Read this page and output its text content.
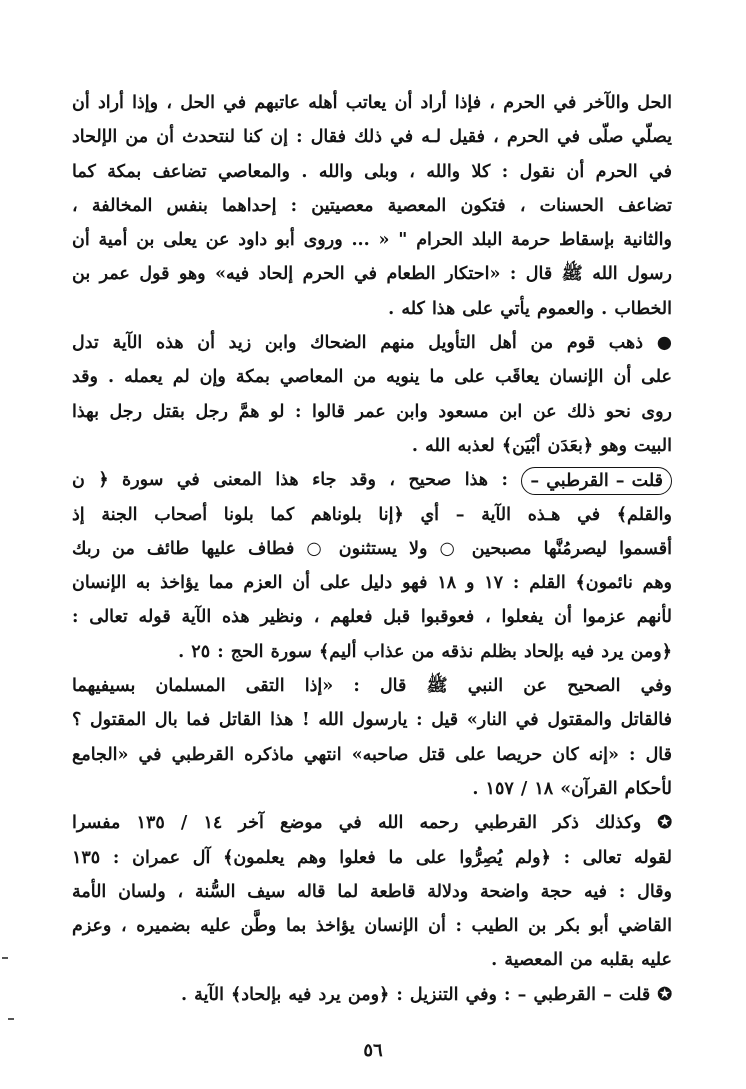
الحل والآخر في الحرم ، فإذا أراد أن يعاتب أهله عاتبهم في الحل ، وإذا أراد أن
يصلّي صلّى في الحرم ، فقيل لـه في ذلك فقال : إن كنا لنتحدث أن من الإلحاد
في الحرم أن نقول : كلا والله ، وبلى والله . والمعاصي تضاعف بمكة كما
تضاعف الحسنات ، فتكون المعصية معصيتين : إحداهما بنفس المخالفة ،
والثانية بإسقاط حرمة البلد الحرام " « ... وروى أبو داود عن يعلى بن أمية أن
رسول الله ﷺ قال : «احتكار الطعام في الحرم إلحاد فيه» وهو قول عمر بن
الخطاب . والعموم يأتي على هذا كله .
● ذهب قوم من أهل التأويل منهم الضحاك وابن زيد أن هذه الآية تدل
على أن الإنسان يعاقَب على ما ينويه من المعاصي بمكة وإن لم يعمله . وقد
روى نحو ذلك عن ابن مسعود وابن عمر قالوا : لو همَّ رجل بقتل رجل بهذا
البيت وهو ﴿بعَدَن أبْيَن﴾ لعذبه الله .
قلت – القرطبي – : هذا صحيح ، وقد جاء هذا المعنى في سورة ﴿ ن
والقلم﴾ في هـذه الآية – أي ﴿إنا بلوناهم كما بلونا أصحاب الجنة إذ
أقسموا ليصرمُنَّها مصبحين ○ ولا يستثنون ○ فطاف عليها طائف من ربك
وهم نائمون﴾ القلم : ١٧ و ١٨ فهو دليل على أن العزم مما يؤاخذ به الإنسان
لأنهم عزموا أن يفعلوا ، فعوقبوا قبل فعلهم ، ونظير هذه الآية قوله تعالى :
﴿ومن يرد فيه بإلحاد بظلم نذقه من عذاب أليم﴾ سورة الحج : ٢٥ .
وفي الصحيح عن النبي ﷺ قال : «إذا التقى المسلمان بسيفيهما
فالقاتل والمقتول في النار» قيل : يارسول الله ! هذا القاتل فما بال المقتول ؟
قال : «إنه كان حريصا على قتل صاحبه» انتهي ماذكره القرطبي في «الجامع
لأحكام القرآن» ١٨ / ١٥٧ .
✪ وكذلك ذكر القرطبي رحمه الله في موضع آخر ١٤ / ١٣٥ مفسرا
لقوله تعالى : ﴿ولم يُصِرُّوا على ما فعلوا وهم يعلمون﴾ آل عمران : ١٣٥
وقال : فيه حجة واضحة ودلالة قاطعة لما قاله سيف السُّنة ، ولسان الأمة
القاضي أبو بكر بن الطيب : أن الإنسان يؤاخذ بما وطَّن عليه بضميره ، وعزم
عليه بقلبه من المعصية .
✪ قلت – القرطبي – : وفي التنزيل : ﴿ومن يرد فيه بإلحاد﴾ الآية .
٥٦
